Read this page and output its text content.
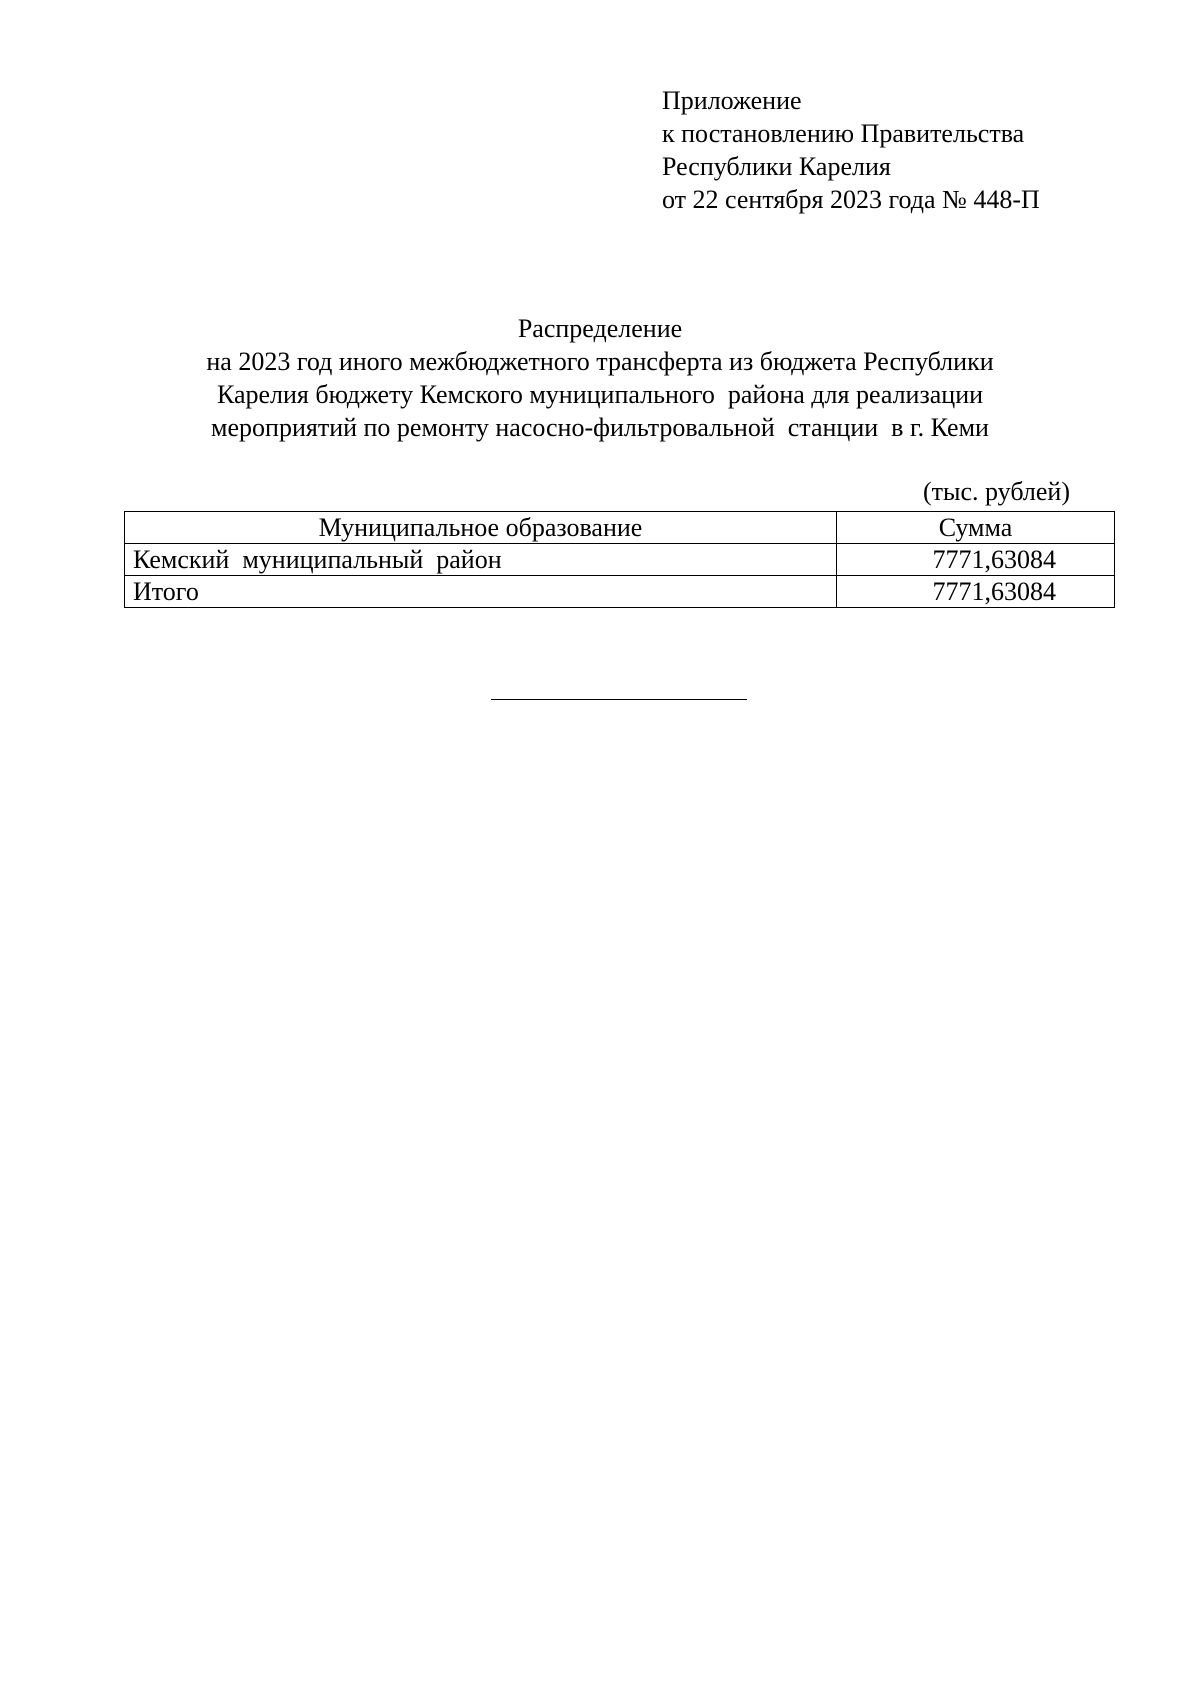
Приложение
к постановлению Правительства
Республики Карелия
от 22 сентября 2023 года № 448-П
Распределение
на 2023 год иного межбюджетного трансферта из бюджета Республики
Карелия бюджету Кемского муниципального  района для реализации
мероприятий по ремонту насосно-фильтровальной  станции  в г. Кеми
(тыс. рублей)
Муниципальное образование	Сумма
Кемский  муниципальный  район	7771,63084
Итого	7771,63084
